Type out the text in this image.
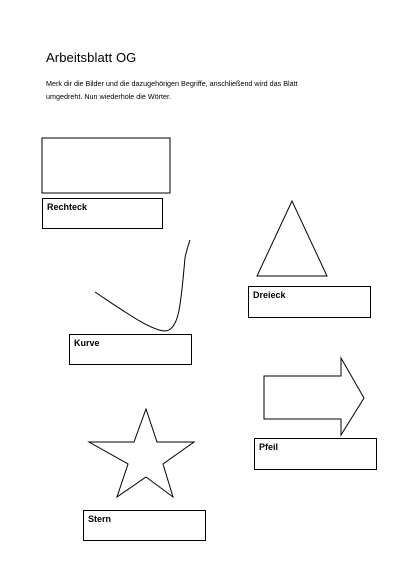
Arbeitsblatt OG
Merk dir die Bilder und die dazugehörigen Begriffe, anschließend wird das Blatt
umgedreht. Nun wiederhole die Wörter.
Rechteck
Dreieck
Kurve
Pfeil
Stern
